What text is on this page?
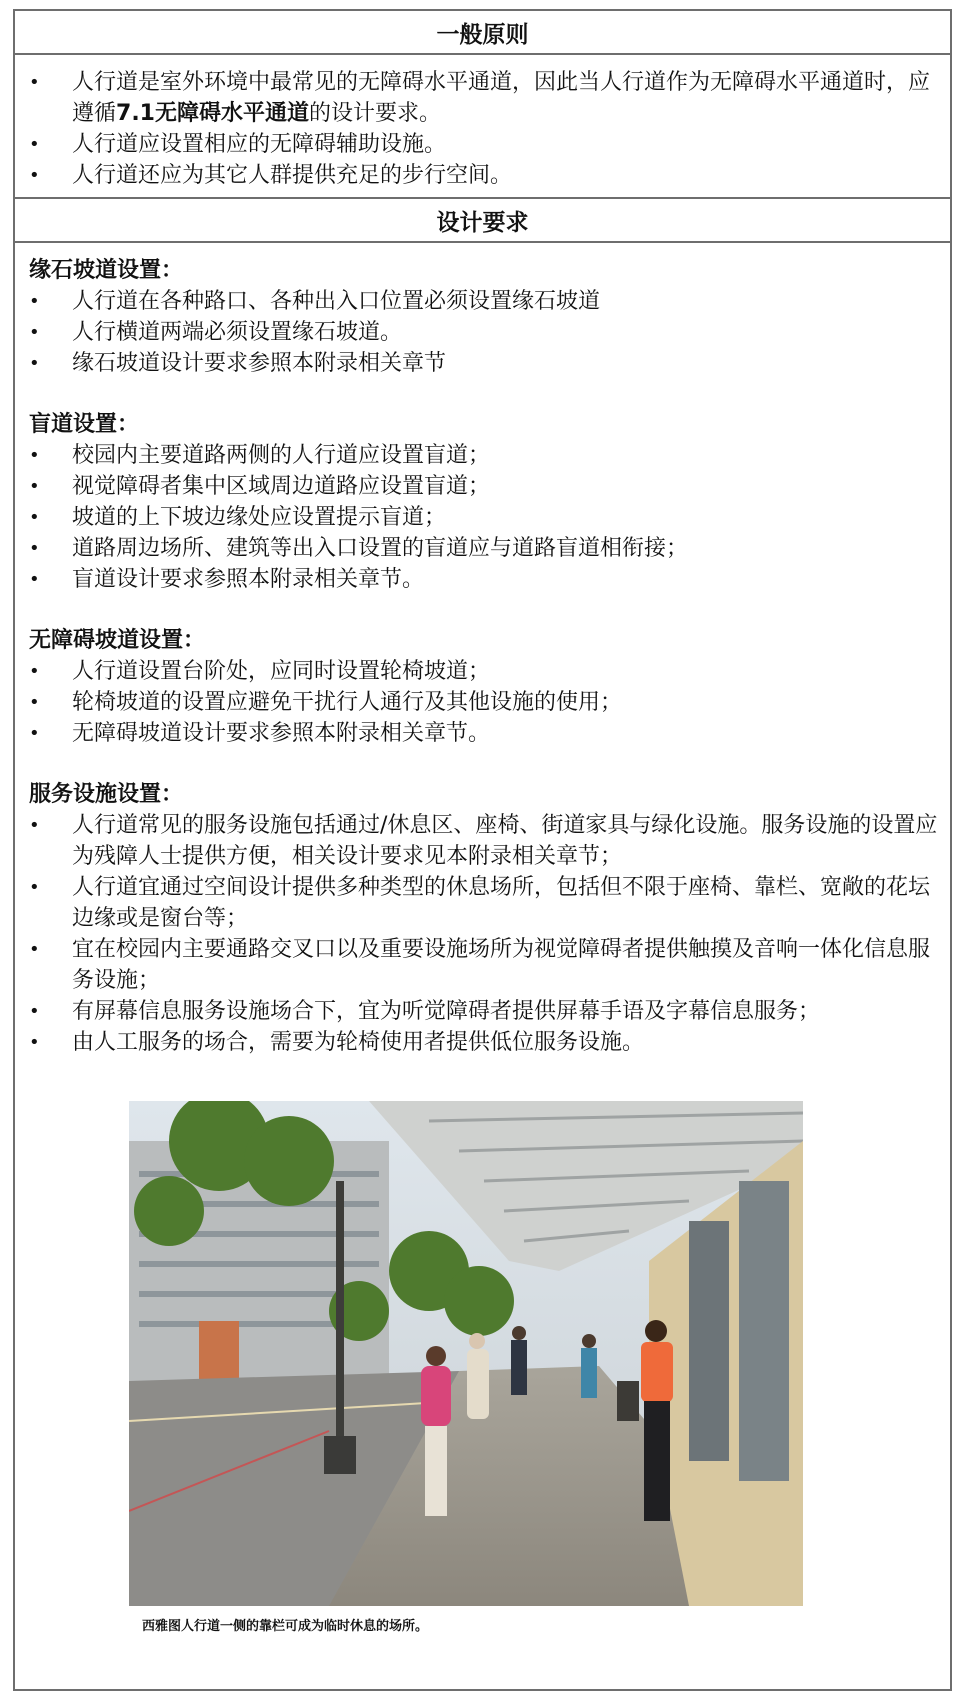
一般原则
• 人行道是室外环境中最常见的无障碍水平通道，因此当人行道作为无障碍水平通道时，应遵循7.1无障碍水平通道的设计要求。
• 人行道应设置相应的无障碍辅助设施。
• 人行道还应为其它人群提供充足的步行空间。
设计要求
缘石坡道设置：
• 人行道在各种路口、各种出入口位置必须设置缘石坡道
• 人行横道两端必须设置缘石坡道。
• 缘石坡道设计要求参照本附录相关章节
盲道设置：
• 校园内主要道路两侧的人行道应设置盲道；
• 视觉障碍者集中区域周边道路应设置盲道；
• 坡道的上下坡边缘处应设置提示盲道；
• 道路周边场所、建筑等出入口设置的盲道应与道路盲道相衔接；
• 盲道设计要求参照本附录相关章节。
无障碍坡道设置：
• 人行道设置台阶处，应同时设置轮椅坡道；
• 轮椅坡道的设置应避免干扰行人通行及其他设施的使用；
• 无障碍坡道设计要求参照本附录相关章节。
服务设施设置：
• 人行道常见的服务设施包括通过/休息区、座椅、街道家具与绿化设施。服务设施的设置应为残障人士提供方便，相关设计要求见本附录相关章节；
• 人行道宜通过空间设计提供多种类型的休息场所，包括但不限于座椅、靠栏、宽敞的花坛边缘或是窗台等；
• 宜在校园内主要通路交叉口以及重要设施场所为视觉障碍者提供触摸及音响一体化信息服务设施；
• 有屏幕信息服务设施场合下，宜为听觉障碍者提供屏幕手语及字幕信息服务；
• 由人工服务的场合，需要为轮椅使用者提供低位服务设施。
西雅图人行道一侧的靠栏可成为临时休息的场所。
